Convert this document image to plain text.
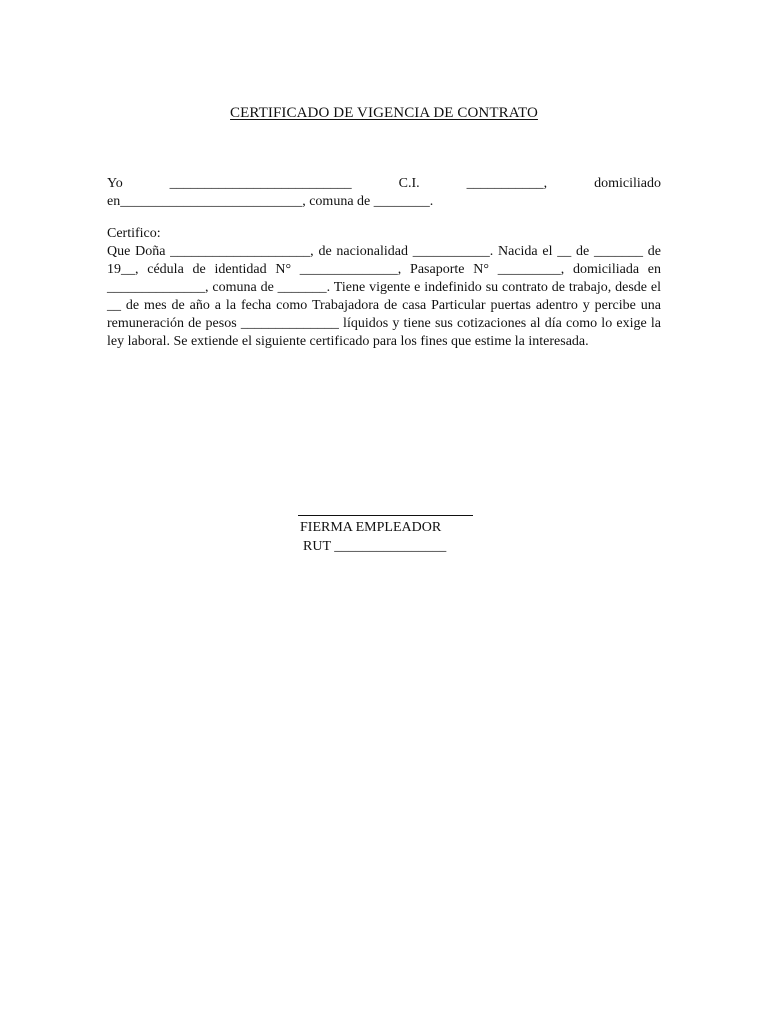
CERTIFICADO DE VIGENCIA DE CONTRATO
Yo __________________________ C.I. ___________, domiciliado
en__________________________, comuna de ________.
Certifico:
Que Doña ____________________, de nacionalidad ___________. Nacida el __ de _______ de 19__, cédula de identidad N° ______________, Pasaporte N° _________, domiciliada en ______________, comuna de _______. Tiene vigente e indefinido su contrato de trabajo, desde el __ de mes de año a la fecha como Trabajadora de casa Particular puertas adentro y percibe una remuneración de pesos ______________ líquidos y tiene sus cotizaciones al día como lo exige la ley laboral. Se extiende el siguiente certificado para los fines que estime la interesada.
FIERMA EMPLEADOR
RUT ________________
